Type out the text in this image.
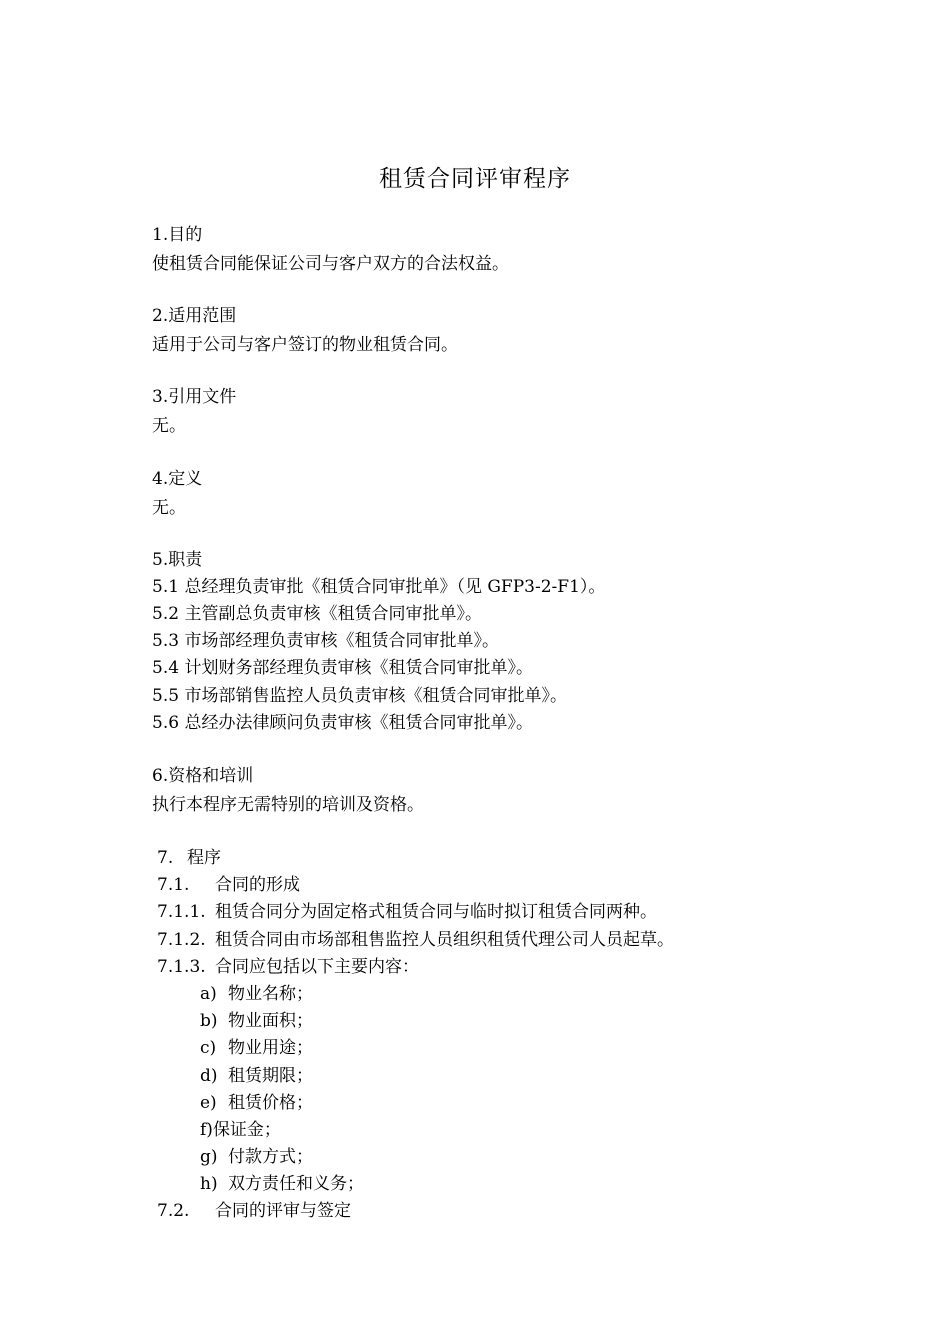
租赁合同评审程序
1.目的
使租赁合同能保证公司与客户双方的合法权益。
2.适用范围
适用于公司与客户签订的物业租赁合同。
3.引用文件
无。
4.定义
无。
5.职责
5.1 总经理负责审批《租赁合同审批单》（见 GFP3-2-F1）。
5.2 主管副总负责审核《租赁合同审批单》。
5.3 市场部经理负责审核《租赁合同审批单》。
5.4 计划财务部经理负责审核《租赁合同审批单》。
5.5 市场部销售监控人员负责审核《租赁合同审批单》。
5.6 总经办法律顾问负责审核《租赁合同审批单》。
6.资格和培训
执行本程序无需特别的培训及资格。
7. 程序
7.1. 合同的形成
7.1.1. 租赁合同分为固定格式租赁合同与临时拟订租赁合同两种。
7.1.2. 租赁合同由市场部租售监控人员组织租赁代理公司人员起草。
7.1.3. 合同应包括以下主要内容：
a) 物业名称；
b) 物业面积；
c) 物业用途；
d) 租赁期限；
e) 租赁价格；
f)保证金；
g) 付款方式；
h) 双方责任和义务；
7.2. 合同的评审与签定
